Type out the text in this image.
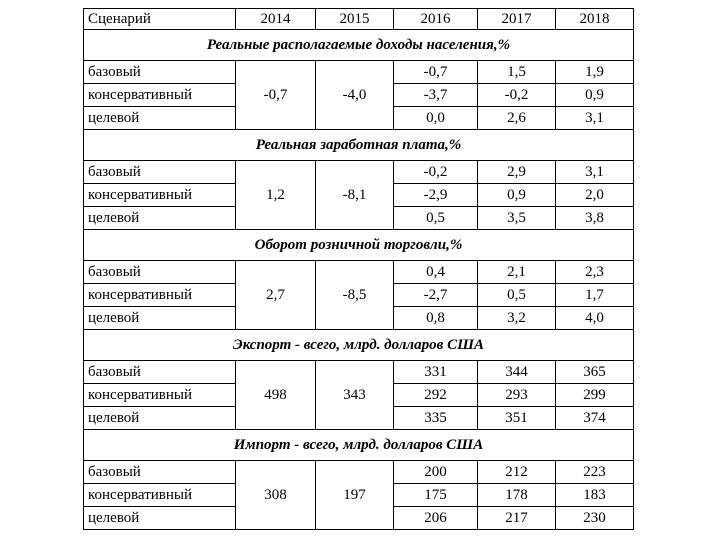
Сценарий	2014	2015	2016	2017	2018
Реальные располагаемые доходы населения,%					
базовый	-0,7	-4,0	-0,7	1,5	1,9
консервативный			-3,7	-0,2	0,9
целевой			0,0	2,6	3,1
Реальная заработная плата,%					
базовый	1,2	-8,1	-0,2	2,9	3,1
консервативный			-2,9	0,9	2,0
целевой			0,5	3,5	3,8
Оборот розничной торговли,%					
базовый	2,7	-8,5	0,4	2,1	2,3
консервативный			-2,7	0,5	1,7
целевой			0,8	3,2	4,0
Экспорт - всего, млрд. долларов США					
базовый	498	343	331	344	365
консервативный			292	293	299
целевой			335	351	374
Импорт - всего, млрд. долларов США					
базовый	308	197	200	212	223
консервативный			175	178	183
целевой			206	217	230
